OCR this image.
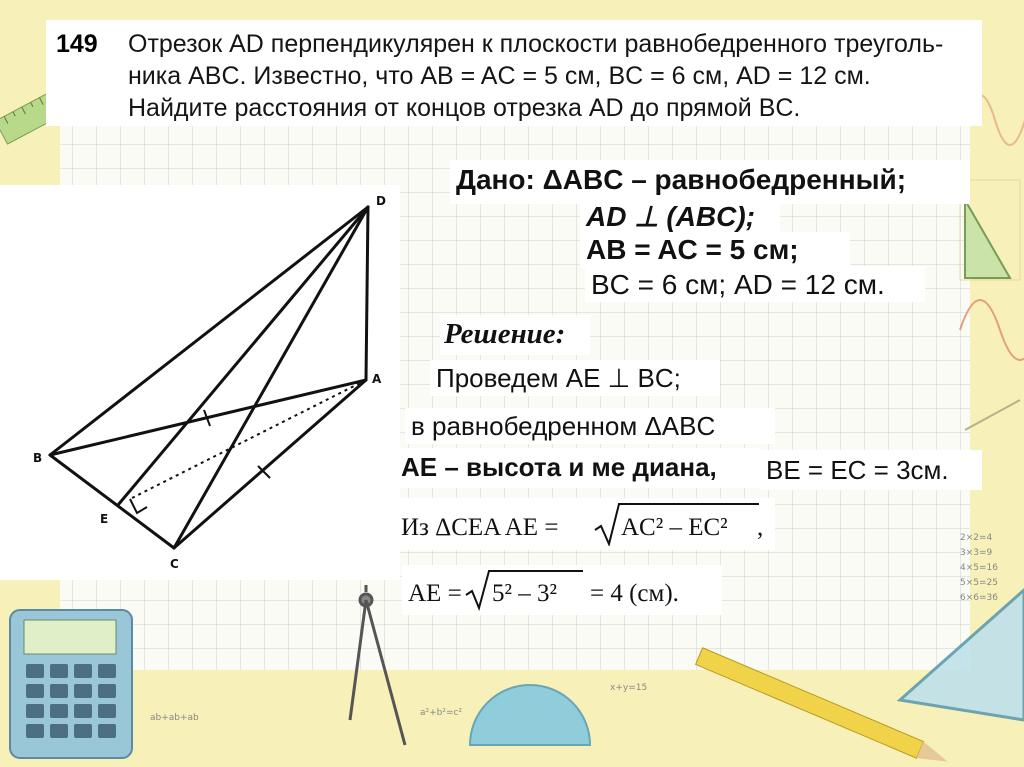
2×2=4
3×3=9
4×5=16
5×5=25
6×6=36
ab+ab+ab	a²+b²=c²
x+y=15
149 Отрезок AD перпендикулярен к плоскости равнобедренного треуголь-
ника ABC. Известно, что AB = AC = 5 см, BC = 6 см, AD = 12 см.
Найдите расстояния от концов отрезка AD до прямой BC.
D
A
B
C
E
Дано: ΔABC – равнобедренный;
AD ⊥ (ABC);
AB = AC = 5 см;
BC = 6 см; AD = 12 см.
Решение:
Проведем AE ⊥ BC;
в равнобедренном ΔABC
AE – высота и ме диана, BE = EC = 3см.
Из ΔCEA AE =	AC² – EC² ,
AE = 5² – 3² = 4 (см).
